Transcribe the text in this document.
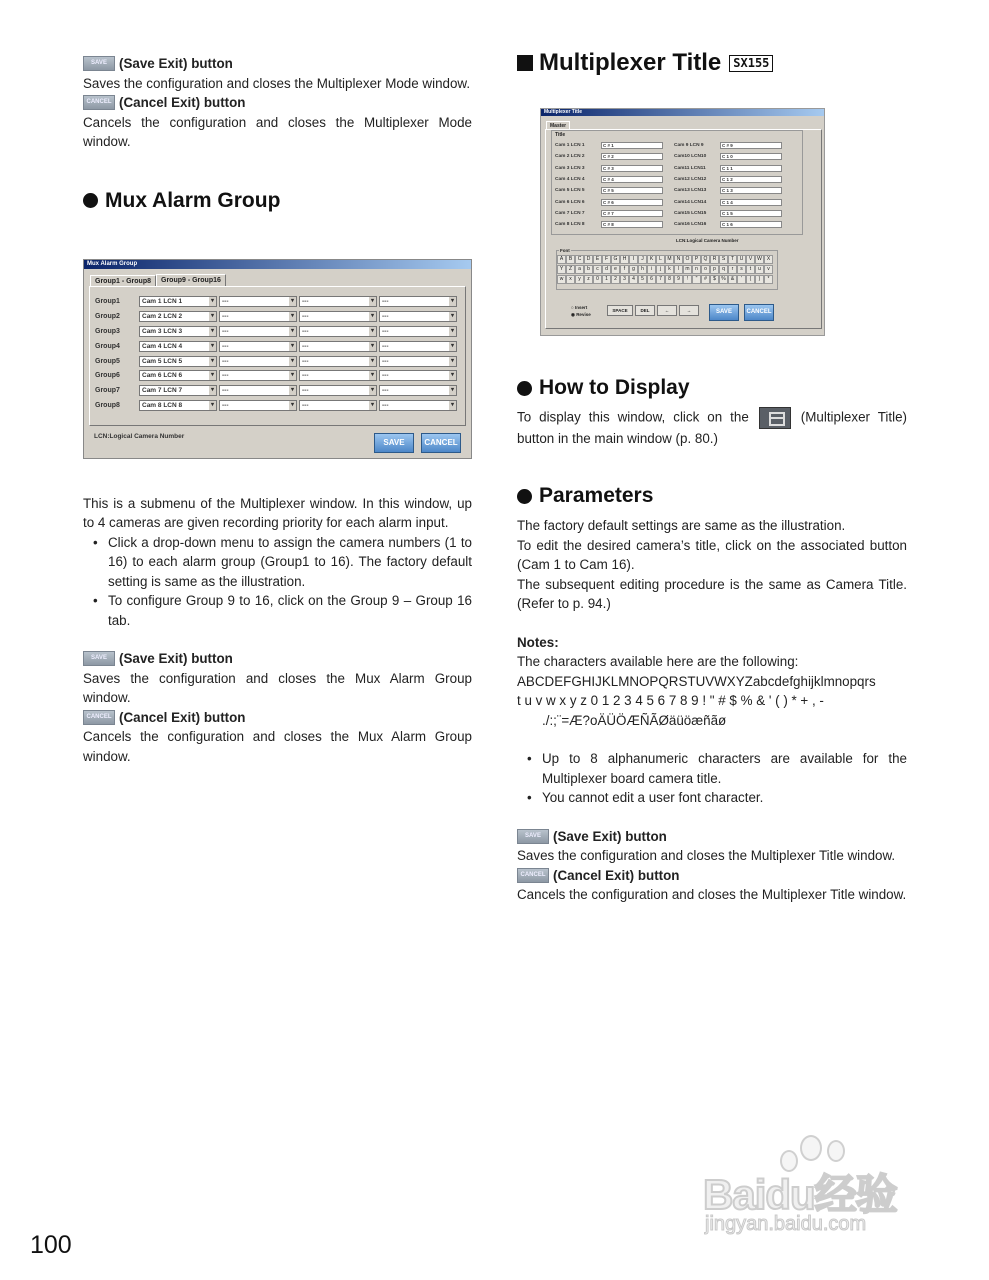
SAVE (Save Exit) button

Saves the configuration and closes the Multiplexer Mode window.

CANCEL (Cancel Exit) button

Cancels the configuration and closes the Multiplexer Mode window.

Mux Alarm Group
Mux Alarm Group
Group1 - Group8	Group9 - Group16
Group1	Cam 1 LCN 1 ▾	--- ▾	--- ▾	--- ▾
Group2	Cam 2 LCN 2 ▾	--- ▾	--- ▾	--- ▾
Group3	Cam 3 LCN 3 ▾	--- ▾	--- ▾	--- ▾
Group4	Cam 4 LCN 4 ▾	--- ▾	--- ▾	--- ▾
Group5	Cam 5 LCN 5 ▾	--- ▾	--- ▾	--- ▾
Group6	Cam 6 LCN 6 ▾	--- ▾	--- ▾	--- ▾
Group7	Cam 7 LCN 7 ▾	--- ▾	--- ▾	--- ▾
Group8	Cam 8 LCN 8 ▾	--- ▾	--- ▾	--- ▾
LCN:Logical Camera Number
SAVE	CANCEL

This is a submenu of the Multiplexer window. In this window, up to 4 cameras are given recording priority for each alarm input.

• Click a drop-down menu to assign the camera numbers (1 to 16) to each alarm group (Group1 to 16). The factory default setting is same as the illustration.
• To configure Group 9 to 16, click on the Group 9 – Group 16 tab.
SAVE (Save Exit) button

Saves the configuration and closes the Mux Alarm Group window.

CANCEL (Cancel Exit) button

Cancels the configuration and closes the Mux Alarm Group window.

Multiplexer Title	SX155
Multiplexer Title
Master
Title
Cam 1 LCN 1	C # 1
Cam 2 LCN 2	C # 2
Cam 3 LCN 3	C # 3
Cam 4 LCN 4	C # 4
Cam 5 LCN 5	C # 5
Cam 6 LCN 6	C # 6
Cam 7 LCN 7	C # 7
Cam 8 LCN 8	C # 8
Cam 9 LCN 9	C # 9
Cam10 LCN10	C 1 0
Cam11 LCN11	C 1 1
Cam12 LCN12	C 1 2
Cam13 LCN13	C 1 3
Cam14 LCN14	C 1 4
Cam15 LCN15	C 1 5
Cam16 LCN16	C 1 6
LCN:Logical Camera Number
Font
A	B	C	D	E	F	G	H	I	J	K	L	M	N	O	P	Q	R	S	T	U	V W X
Y	Z	a	b	c	d	e	f	g	h	i	j	k	l	m	n	o	p	q	r	s	t	u	v
w	x	y	z	0	1	2	3	4	5	6	7	8	9	!	"	#	$	%	&	'	(	)	*
○ Insert
◉ Revise
SPACE	DEL	←	→	SAVE	CANCEL
How to Display

To display this window, click on the	(Multiplexer Title) button in the main window (p. 80.)

Parameters

The factory default settings are same as the illustration.

To edit the desired camera’s title, click on the associated button (Cam 1 to Cam 16).

The subsequent editing procedure is the same as Camera Title. (Refer to p. 94.)

Notes:

The characters available here are the following:

ABCDEFGHIJKLMNOPQRSTUVWXYZabcdefghijklmnopqrs

t u v w x y z 0 1 2 3 4 5 6 7 8 9 ! " # $ % & ' ( ) * + , -

./:;¨=Æ?oÄÜÖÆÑÃØäüöæñãø

• Up to 8 alphanumeric characters are available for the Multiplexer board camera title.
• You cannot edit a user font character.
SAVE (Save Exit) button

Saves the configuration and closes the Multiplexer Title window.

CANCEL (Cancel Exit) button

Cancels the configuration and closes the Multiplexer Title window.

Baidu经验
jingyan.baidu.com
100
